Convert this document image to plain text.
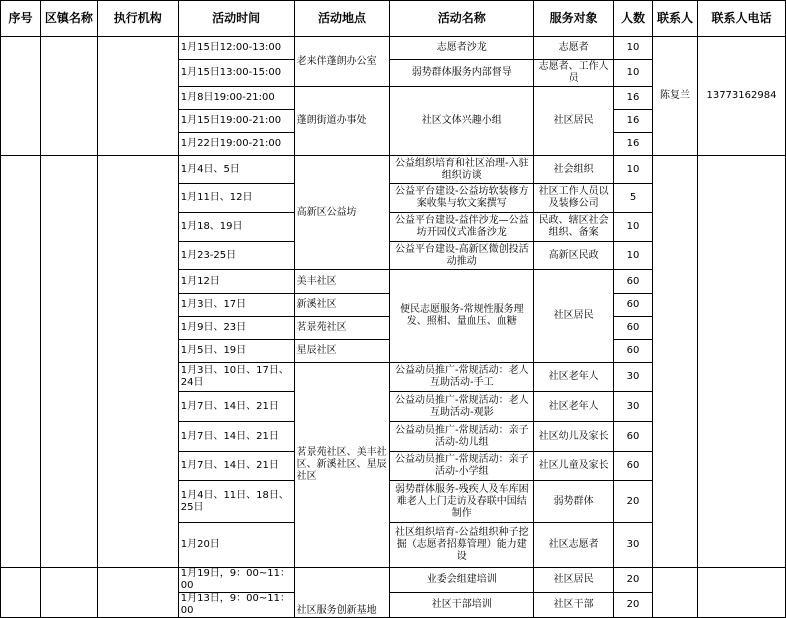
序号	区镇名称	执行机构	活动时间	活动地点	活动名称	服务对象	人数	联系人	联系人电话
			1月15日12:00-13:00	老来伴蓬朗办公室	志愿者沙龙	志愿者	10	陈复兰	13773162984
			1月15日13:00-15:00		弱势群体服务内部督导	志愿者、工作人员	10		
			1月8日19:00-21:00	蓬朗街道办事处	社区文体兴趣小组	社区居民	16		
			1月15日19:00-21:00				16		
			1月22日19:00-21:00				16		
			1月4日、5日	高新区公益坊	公益组织培育和社区治理-入驻组织访谈	社会组织	10		
			1月11日、12日		公益平台建设-公益坊软装修方案收集与软文案撰写	社区工作人员以及装修公司	5		
			1月18、19日		公益平台建设-益伴沙龙—公益坊开园仪式准备沙龙	民政、辖区社会组织、备案	10		
			1月23-25日		公益平台建设-高新区微创投活动推动	高新区民政	10		
			1月12日	美丰社区	便民志愿服务-常规性服务理发、照相、量血压、血糖	社区居民	60		
			1月3日、17日	新溪社区			60		
			1月9日、23日	茗景苑社区			60		
			1月5日、19日	星辰社区			60		
			1月3日、10日、17日、24日	茗景苑社区、美丰社区、新溪社区、星辰社区	公益动员推广-常规活动：老人互助活动-手工	社区老年人	30		
			1月7日、14日、21日		公益动员推广-常规活动：老人互助活动-观影	社区老年人	30		
			1月7日、14日、21日		公益动员推广-常规活动：亲子活动-幼儿组	社区幼儿及家长	60		
			1月7日、14日、21日		公益动员推广-常规活动：亲子活动-小学组	社区儿童及家长	60		
			1月4日、11日、18日、25日		弱势群体服务-残疾人及车库困难老人上门走访及春联中国结制作	弱势群体	20		
			1月20日		社区组织培育-公益组织种子挖掘（志愿者招募管理）能力建设	社区志愿者	30		
			1月19日，9：00~11：00	社区服务创新基地	业委会组建培训	社区居民	20		
			1月13日，9：00~11：00		社区干部培训	社区干部	20		
